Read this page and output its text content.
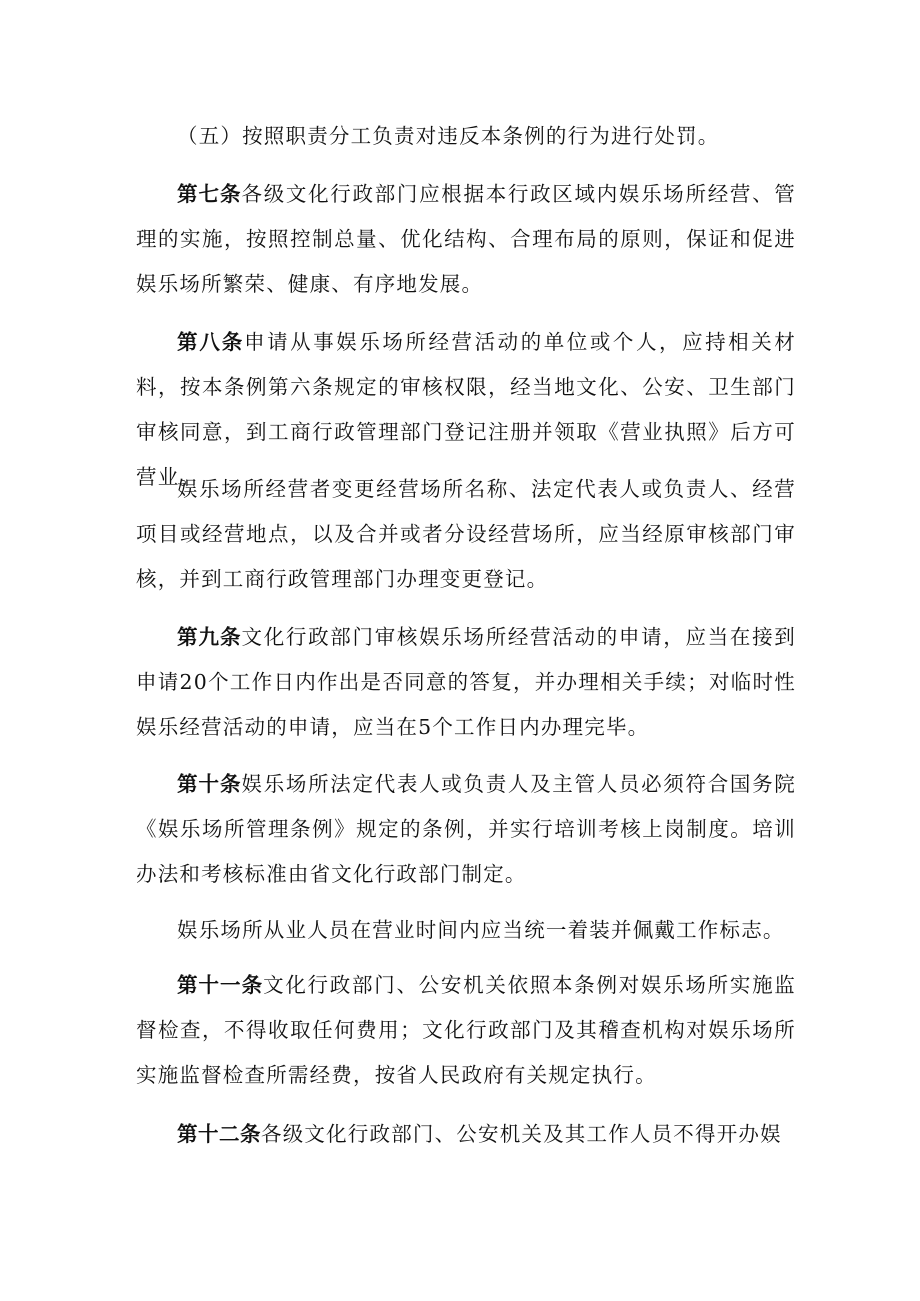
（五）按照职责分工负责对违反本条例的行为进行处罚。

第七条各级文化行政部门应根据本行政区域内娱乐场所经营、管理的实施，按照控制总量、优化结构、合理布局的原则，保证和促进娱乐场所繁荣、健康、有序地发展。

第八条申请从事娱乐场所经营活动的单位或个人，应持相关材料，按本条例第六条规定的审核权限，经当地文化、公安、卫生部门审核同意，到工商行政管理部门登记注册并领取《营业执照》后方可营业。

娱乐场所经营者变更经营场所名称、法定代表人或负责人、经营项目或经营地点，以及合并或者分设经营场所，应当经原审核部门审核，并到工商行政管理部门办理变更登记。

第九条文化行政部门审核娱乐场所经营活动的申请，应当在接到申请20个工作日内作出是否同意的答复，并办理相关手续；对临时性娱乐经营活动的申请，应当在5个工作日内办理完毕。

第十条娱乐场所法定代表人或负责人及主管人员必须符合国务院《娱乐场所管理条例》规定的条例，并实行培训考核上岗制度。培训办法和考核标准由省文化行政部门制定。

娱乐场所从业人员在营业时间内应当统一着装并佩戴工作标志。

第十一条文化行政部门、公安机关依照本条例对娱乐场所实施监督检查，不得收取任何费用；文化行政部门及其稽查机构对娱乐场所实施监督检查所需经费，按省人民政府有关规定执行。

第十二条各级文化行政部门、公安机关及其工作人员不得开办娱
